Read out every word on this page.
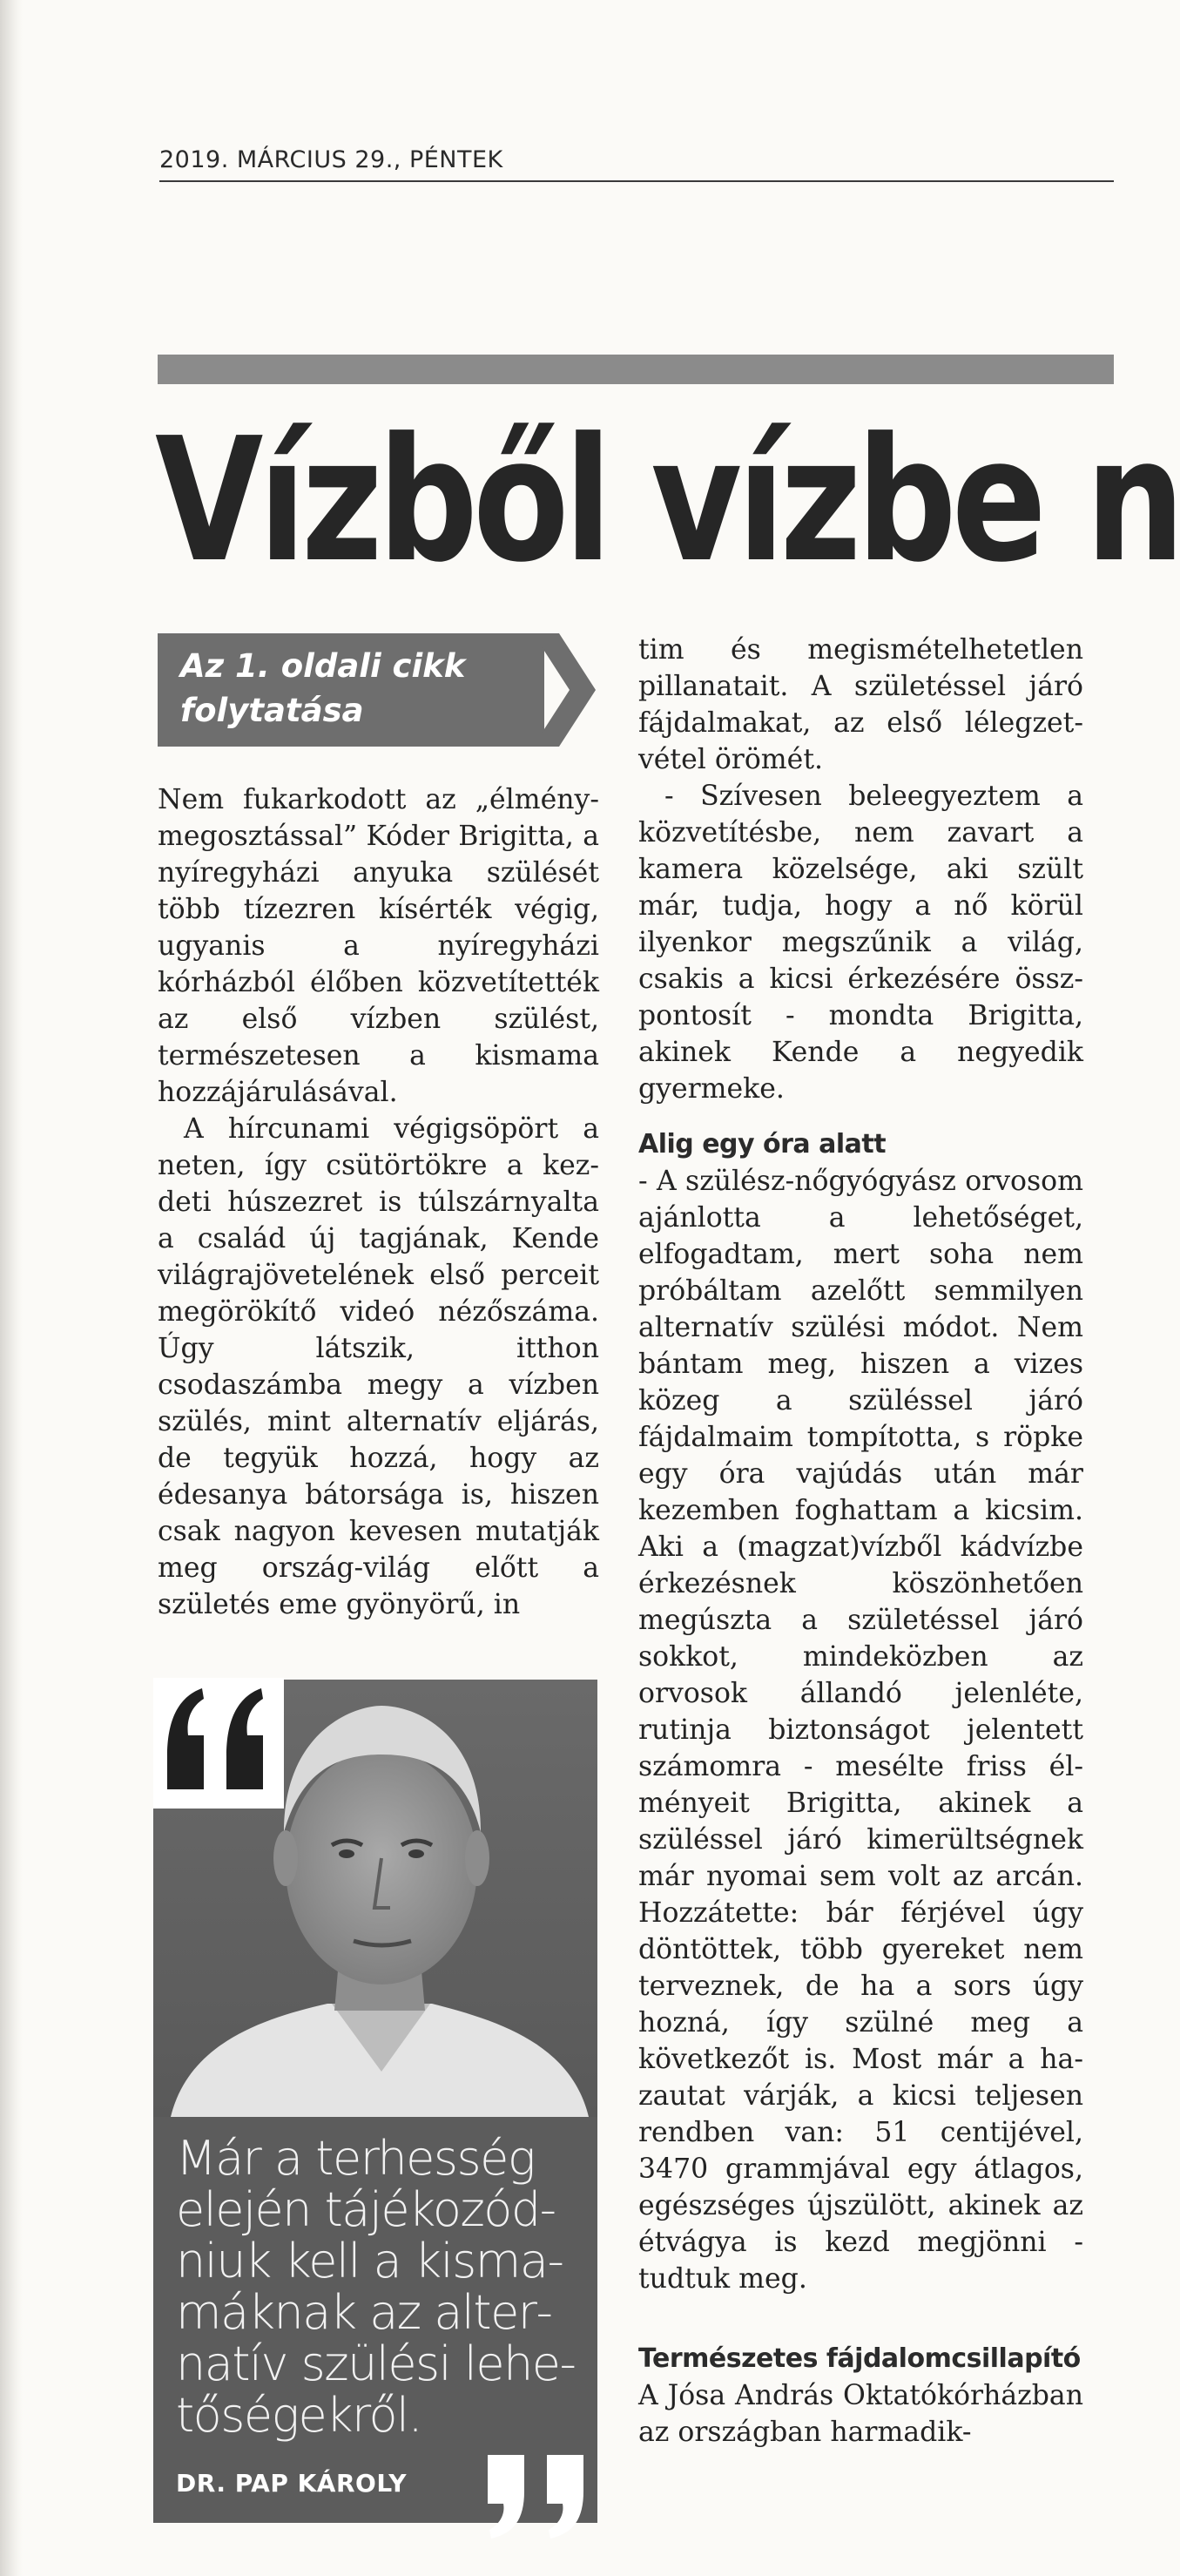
2019. MÁRCIUS 29., PÉNTEK
Vízből vízbe n
Az 1. oldali cikk
folytatása

Nem fukarkodott az „élménymegosztással” Kóder Brigitta, a nyíregyházi anyuka szülését több tízezren kísérték végig, ugyanis a nyíregyházi kórházból élőben közvetítették az első vízben szülést, természetesen a kismama hozzájárulásával.

A hírcunami végigsöpört a neten, így csütörtökre a kezdeti húszezret is túlszárnyalta a család új tagjának, Kende világrajövetelének első perceit megörökítő videó nézőszáma. Úgy látszik, itthon csodaszámba megy a vízben szülés, mint alternatív eljárás, de tegyük hozzá, hogy az édesanya bátorsága is, hiszen csak nagyon kevesen mutatják meg ország-világ előtt a születés eme gyönyörű, in

tim és megismételhetetlen pillanatait. A születéssel járó fájdalmakat, az első lélegzetvétel örömét.

- Szívesen beleegyeztem a közvetítésbe, nem zavart a kamera közelsége, aki szült már, tudja, hogy a nő körül ilyenkor megszűnik a világ, csakis a kicsi érkezésére összpontosít - mondta Brigitta, akinek Kende a negyedik gyermeke.

Alig egy óra alatt

- A szülész-nőgyógyász orvosom ajánlotta a lehetőséget, elfogadtam, mert soha nem próbáltam azelőtt semmilyen alternatív szülési módot. Nem bántam meg, hiszen a vizes közeg a szüléssel járó fájdalmaim tompította, s röpke egy óra vajúdás után már kezemben foghattam a kicsim. Aki a (magzat)vízből kádvízbe érkezésnek köszönhetően megúszta a születéssel járó sokkot, mindeközben az orvosok állandó jelenléte, rutinja biztonságot jelentett számomra - mesélte friss élményeit Brigitta, akinek a szüléssel járó kimerültségnek már nyomai sem volt az arcán. Hozzátette: bár férjével úgy döntöttek, több gyereket nem terveznek, de ha a sors úgy hozná, így szülné meg a következőt is. Most már a hazautat várják, a kicsi teljesen rendben van: 51 centijével, 3470 grammjával egy átlagos, egészséges újszülött, akinek az étvágya is kezd megjönni - tudtuk meg.

Természetes fájdalomcsillapító

A Jósa András Oktatókórházban az országban harmadik-

Már a terhesség elején tájékozódniuk kell a kismamáknak az alternatív szülési lehetőségekről.
DR. PAP KÁROLY
